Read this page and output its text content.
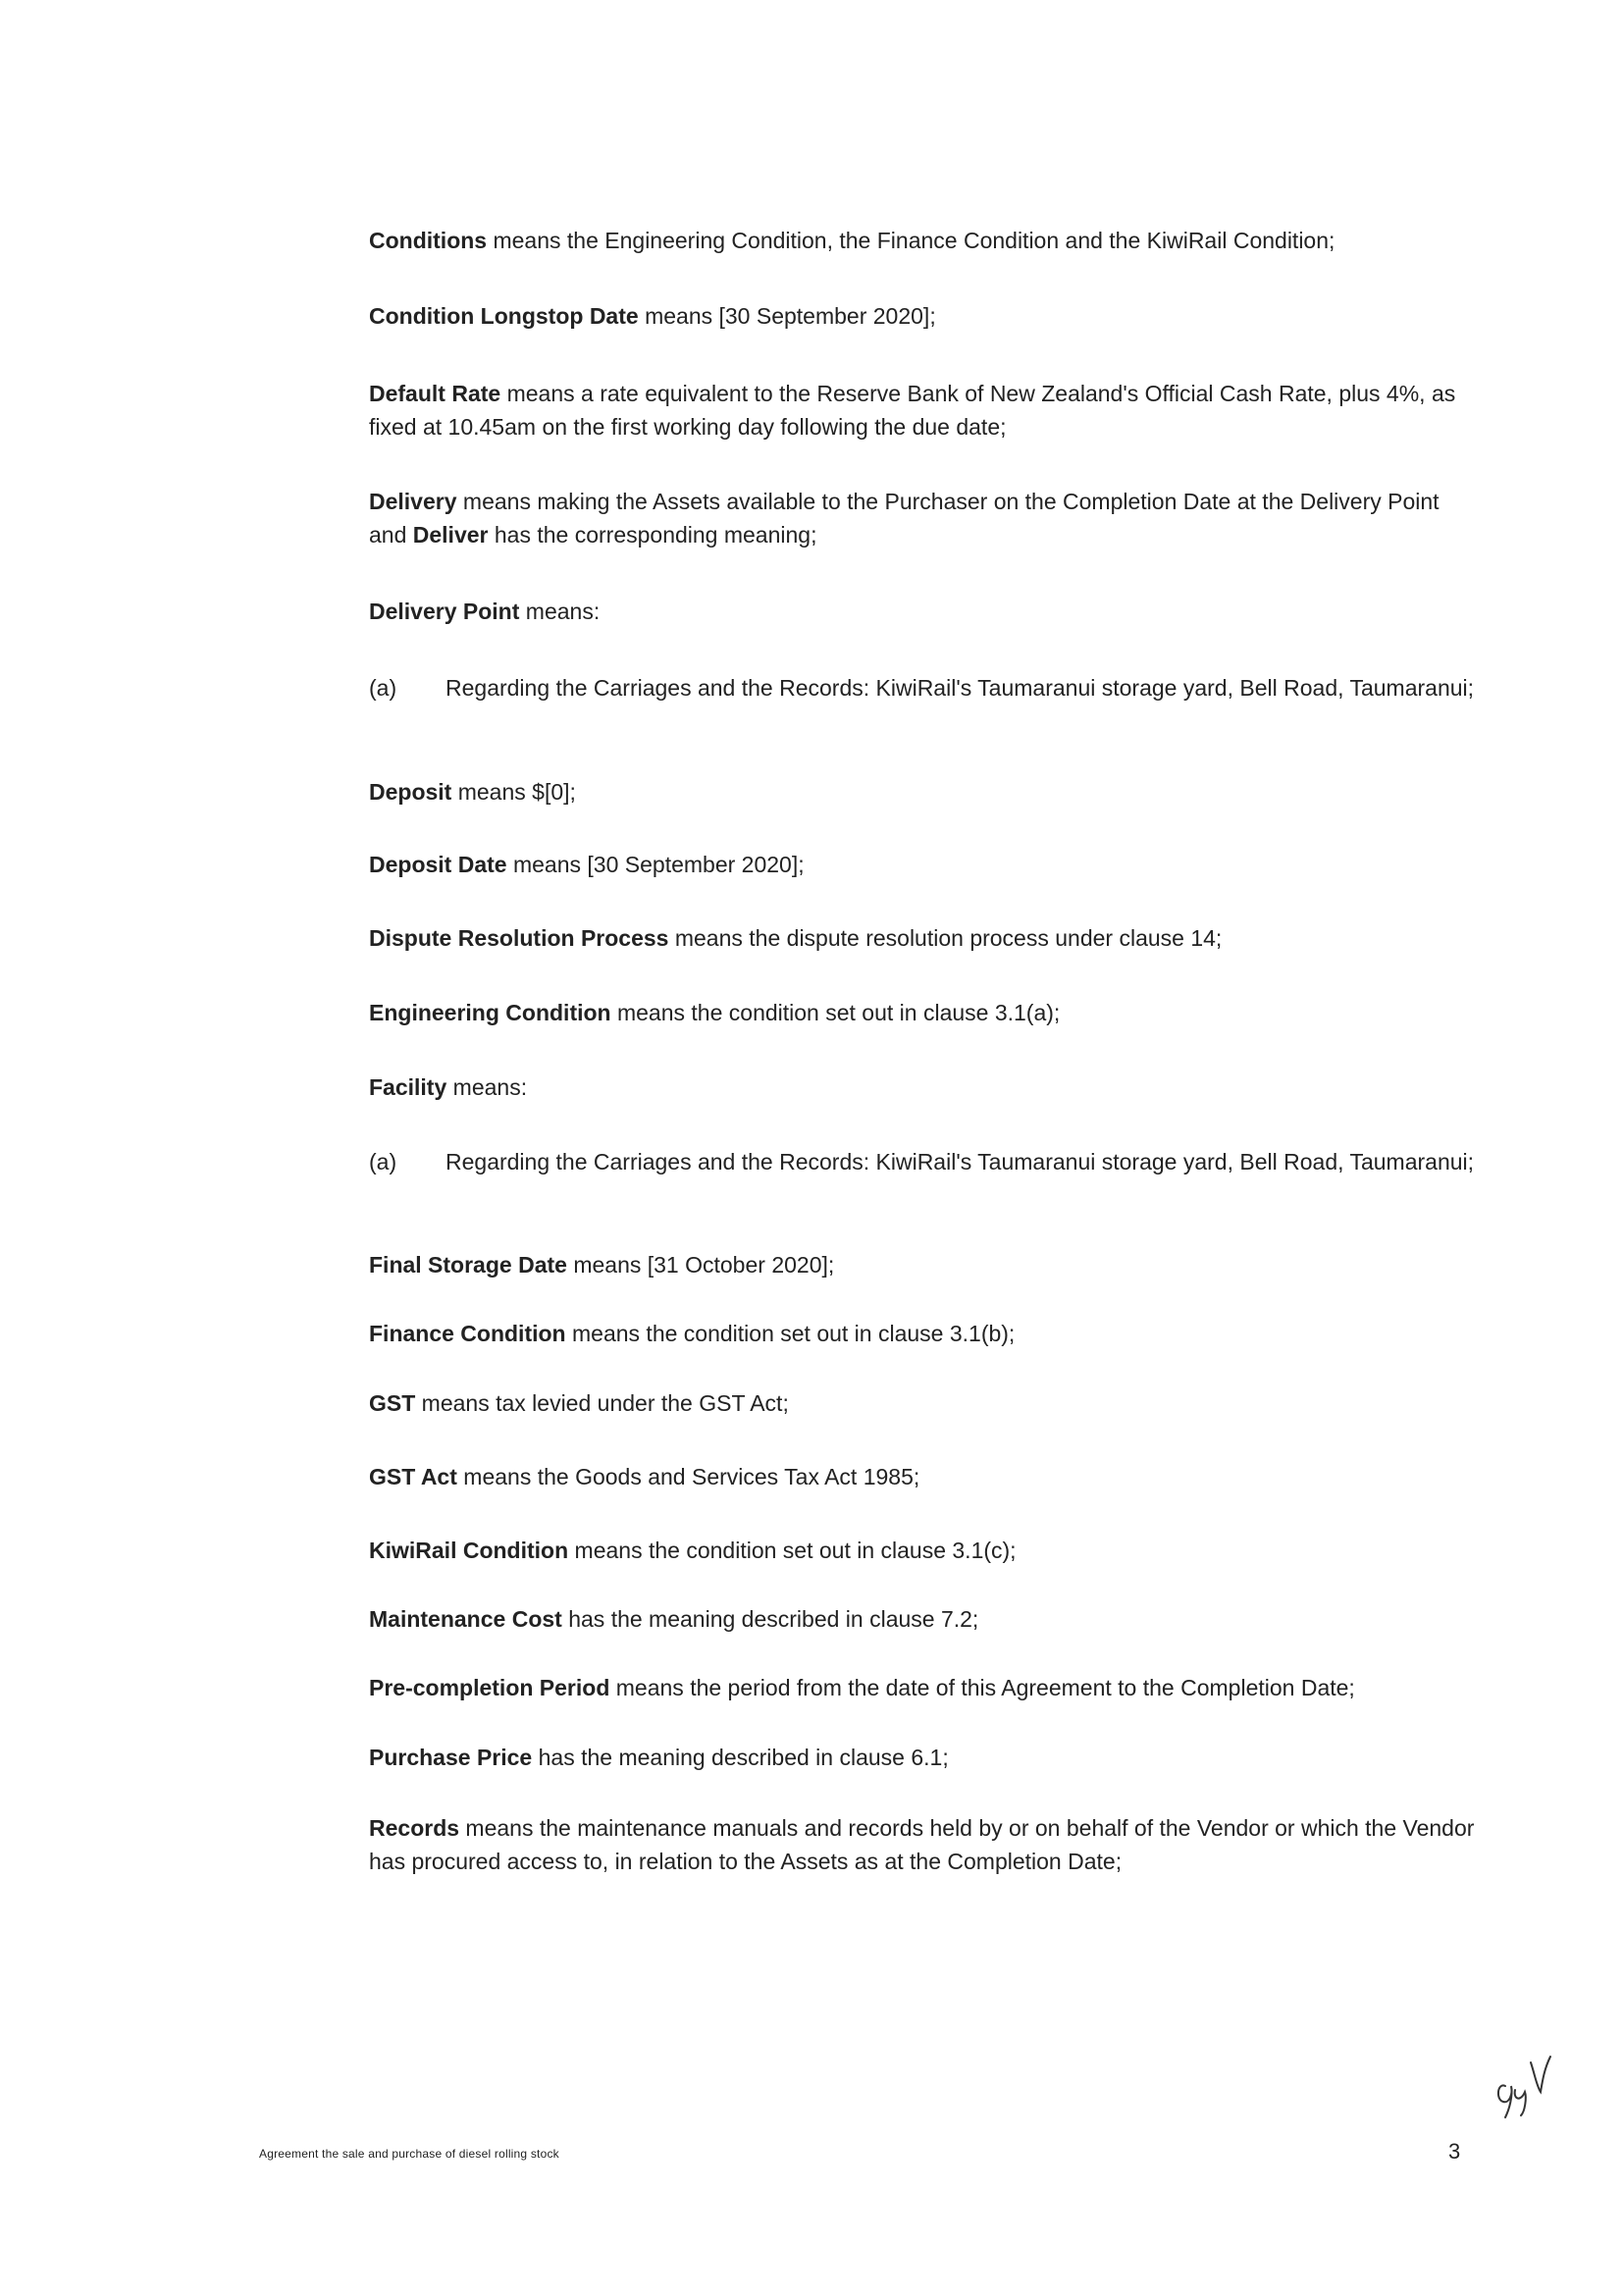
Conditions means the Engineering Condition, the Finance Condition and the KiwiRail Condition;

Condition Longstop Date means [30 September 2020];

Default Rate means a rate equivalent to the Reserve Bank of New Zealand's Official Cash Rate, plus 4%, as fixed at 10.45am on the first working day following the due date;

Delivery means making the Assets available to the Purchaser on the Completion Date at the Delivery Point and Deliver has the corresponding meaning;

Delivery Point means:

(a) Regarding the Carriages and the Records: KiwiRail's Taumaranui storage yard, Bell Road, Taumaranui;

Deposit means $[0];

Deposit Date means [30 September 2020];

Dispute Resolution Process means the dispute resolution process under clause 14;

Engineering Condition means the condition set out in clause 3.1(a);

Facility means:

(a) Regarding the Carriages and the Records: KiwiRail's Taumaranui storage yard, Bell Road, Taumaranui;

Final Storage Date means [31 October 2020];

Finance Condition means the condition set out in clause 3.1(b);

GST means tax levied under the GST Act;

GST Act means the Goods and Services Tax Act 1985;

KiwiRail Condition means the condition set out in clause 3.1(c);

Maintenance Cost has the meaning described in clause 7.2;

Pre-completion Period means the period from the date of this Agreement to the Completion Date;

Purchase Price has the meaning described in clause 6.1;

Records means the maintenance manuals and records held by or on behalf of the Vendor or which the Vendor has procured access to, in relation to the Assets as at the Completion Date;

Agreement the sale and purchase of diesel rolling stock	3
